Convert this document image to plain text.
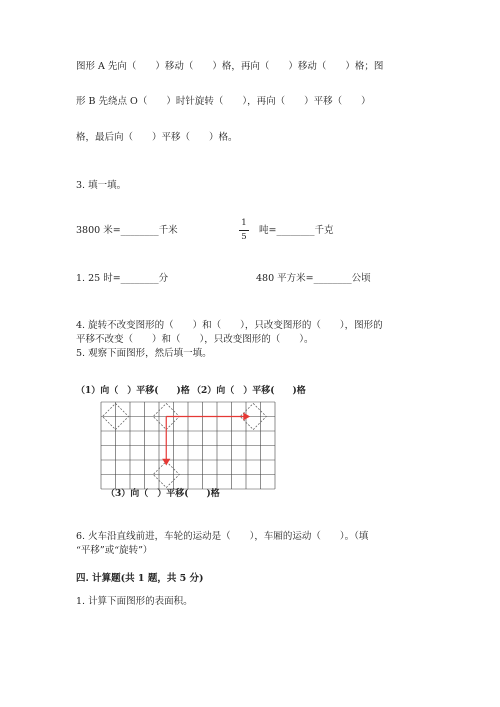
图形 A 先向（　　）移动（　　）格，再向（　　）移动（　　）格；图
形 B 先绕点 O（　　）时针旋转（　　），再向（　　）平移（　　）
格，最后向（　　）平移（　　）格。
3. 填一填。
3800 米=________千米	$\frac{1}{5}$ 吨=________千克
1. 25 时=________分	480 平方米=________公顷
4. 旋转不改变图形的（　　）和（　　），只改变图形的（　　），图形的
平移不改变（　　）和（　　），只改变图形的（　　）。
5. 观察下面图形，然后填一填。
（1）向（　）平移(　　)格 （2）向（　）平移(　　)格
（3）向（　）平移(　　)格
6. 火车沿直线前进，车轮的运动是（　　），车厢的运动（　　）。（填
“平移”或“旋转”）
四. 计算题(共 1 题，共 5 分)
1. 计算下面图形的表面积。
